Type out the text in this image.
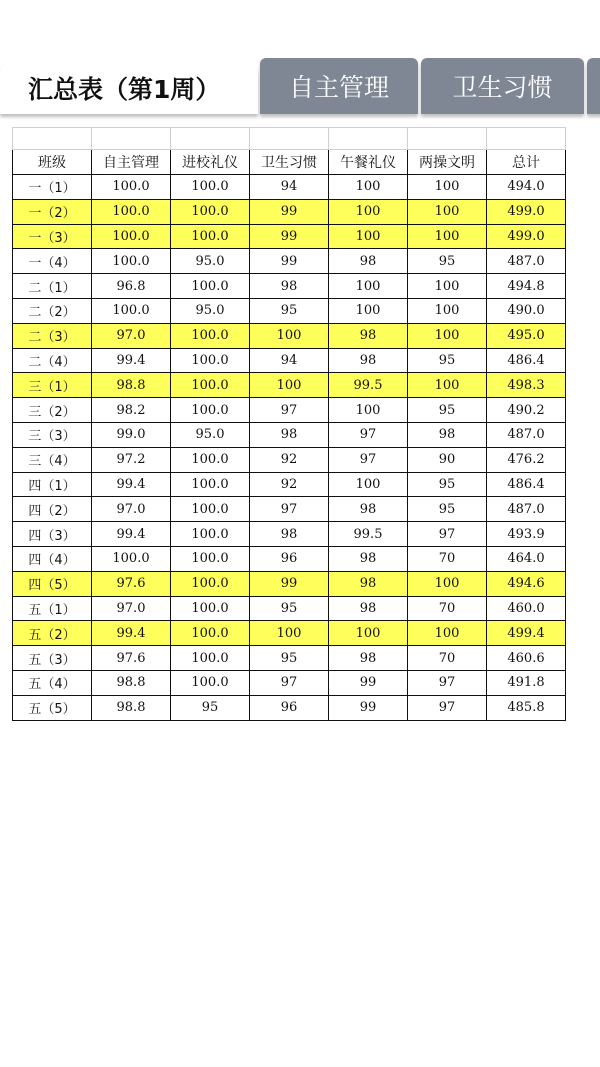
汇总表（第1周）	自主管理	卫生习惯

班级	自主管理	进校礼仪	卫生习惯	午餐礼仪	两操文明	总计
一（1）	100.0	100.0	94	100	100	494.0
一（2）	100.0	100.0	99	100	100	499.0
一（3）	100.0	100.0	99	100	100	499.0
一（4）	100.0	95.0	99	98	95	487.0
二（1）	96.8	100.0	98	100	100	494.8
二（2）	100.0	95.0	95	100	100	490.0
二（3）	97.0	100.0	100	98	100	495.0
二（4）	99.4	100.0	94	98	95	486.4
三（1）	98.8	100.0	100	99.5	100	498.3
三（2）	98.2	100.0	97	100	95	490.2
三（3）	99.0	95.0	98	97	98	487.0
三（4）	97.2	100.0	92	97	90	476.2
四（1）	99.4	100.0	92	100	95	486.4
四（2）	97.0	100.0	97	98	95	487.0
四（3）	99.4	100.0	98	99.5	97	493.9
四（4）	100.0	100.0	96	98	70	464.0
四（5）	97.6	100.0	99	98	100	494.6
五（1）	97.0	100.0	95	98	70	460.0
五（2）	99.4	100.0	100	100	100	499.4
五（3）	97.6	100.0	95	98	70	460.6
五（4）	98.8	100.0	97	99	97	491.8
五（5）	98.8	95	96	99	97	485.8
